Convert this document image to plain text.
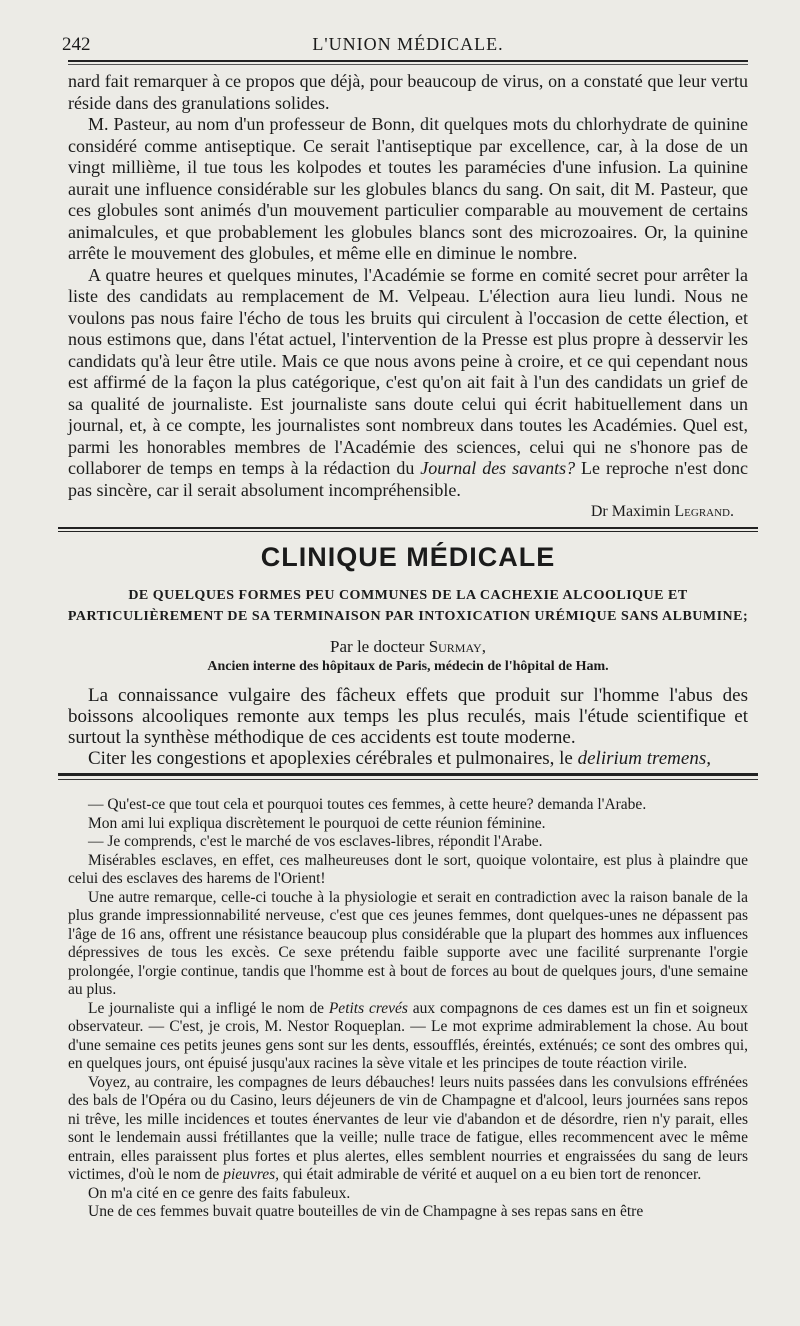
242	L'UNION MÉDICALE.

nard fait remarquer à ce propos que déjà, pour beaucoup de virus, on a constaté que leur vertu réside dans des granulations solides.

M. Pasteur, au nom d'un professeur de Bonn, dit quelques mots du chlorhydrate de quinine considéré comme antiseptique. Ce serait l'antiseptique par excellence, car, à la dose de un vingt millième, il tue tous les kolpodes et toutes les paramécies d'une infusion. La quinine aurait une influence considérable sur les globules blancs du sang. On sait, dit M. Pasteur, que ces globules sont animés d'un mouvement particulier comparable au mouvement de certains animalcules, et que probablement les globules blancs sont des microzoaires. Or, la quinine arrête le mouvement des globules, et même elle en diminue le nombre.

A quatre heures et quelques minutes, l'Académie se forme en comité secret pour arrêter la liste des candidats au remplacement de M. Velpeau. L'élection aura lieu lundi. Nous ne voulons pas nous faire l'écho de tous les bruits qui circulent à l'occasion de cette élection, et nous estimons que, dans l'état actuel, l'intervention de la Presse est plus propre à desservir les candidats qu'à leur être utile. Mais ce que nous avons peine à croire, et ce qui cependant nous est affirmé de la façon la plus catégorique, c'est qu'on ait fait à l'un des candidats un grief de sa qualité de journaliste. Est journaliste sans doute celui qui écrit habituellement dans un journal, et, à ce compte, les journalistes sont nombreux dans toutes les Académies. Quel est, parmi les honorables membres de l'Académie des sciences, celui qui ne s'honore pas de collaborer de temps en temps à la rédaction du Journal des savants? Le reproche n'est donc pas sincère, car il serait absolument incompréhensible.

Dr Maximin Legrand.
CLINIQUE MÉDICALE
DE QUELQUES FORMES PEU COMMUNES DE LA CACHEXIE ALCOOLIQUE ET PARTICULIÈREMENT DE SA TERMINAISON PAR INTOXICATION URÉMIQUE SANS ALBUMINE;
Par le docteur Surmay,
Ancien interne des hôpitaux de Paris, médecin de l'hôpital de Ham.

La connaissance vulgaire des fâcheux effets que produit sur l'homme l'abus des boissons alcooliques remonte aux temps les plus reculés, mais l'étude scientifique et surtout la synthèse méthodique de ces accidents est toute moderne.

Citer les congestions et apoplexies cérébrales et pulmonaires, le delirium tremens,

— Qu'est-ce que tout cela et pourquoi toutes ces femmes, à cette heure? demanda l'Arabe.

Mon ami lui expliqua discrètement le pourquoi de cette réunion féminine.

— Je comprends, c'est le marché de vos esclaves-libres, répondit l'Arabe.

Misérables esclaves, en effet, ces malheureuses dont le sort, quoique volontaire, est plus à plaindre que celui des esclaves des harems de l'Orient!

Une autre remarque, celle-ci touche à la physiologie et serait en contradiction avec la raison banale de la plus grande impressionnabilité nerveuse, c'est que ces jeunes femmes, dont quelques-unes ne dépassent pas l'âge de 16 ans, offrent une résistance beaucoup plus considérable que la plupart des hommes aux influences dépressives de tous les excès. Ce sexe prétendu faible supporte avec une facilité surprenante l'orgie prolongée, l'orgie continue, tandis que l'homme est à bout de forces au bout de quelques jours, d'une semaine au plus.

Le journaliste qui a infligé le nom de Petits crevés aux compagnons de ces dames est un fin et soigneux observateur. — C'est, je crois, M. Nestor Roqueplan. — Le mot exprime admirablement la chose. Au bout d'une semaine ces petits jeunes gens sont sur les dents, essoufflés, éreintés, exténués; ce sont des ombres qui, en quelques jours, ont épuisé jusqu'aux racines la sève vitale et les principes de toute réaction virile.

Voyez, au contraire, les compagnes de leurs débauches! leurs nuits passées dans les convulsions effrénées des bals de l'Opéra ou du Casino, leurs déjeuners de vin de Champagne et d'alcool, leurs journées sans repos ni trêve, les mille incidences et toutes énervantes de leur vie d'abandon et de désordre, rien n'y parait, elles sont le lendemain aussi frétillantes que la veille; nulle trace de fatigue, elles recommencent avec le même entrain, elles paraissent plus fortes et plus alertes, elles semblent nourries et engraissées du sang de leurs victimes, d'où le nom de pieuvres, qui était admirable de vérité et auquel on a eu bien tort de renoncer.

On m'a cité en ce genre des faits fabuleux.

Une de ces femmes buvait quatre bouteilles de vin de Champagne à ses repas sans en être
